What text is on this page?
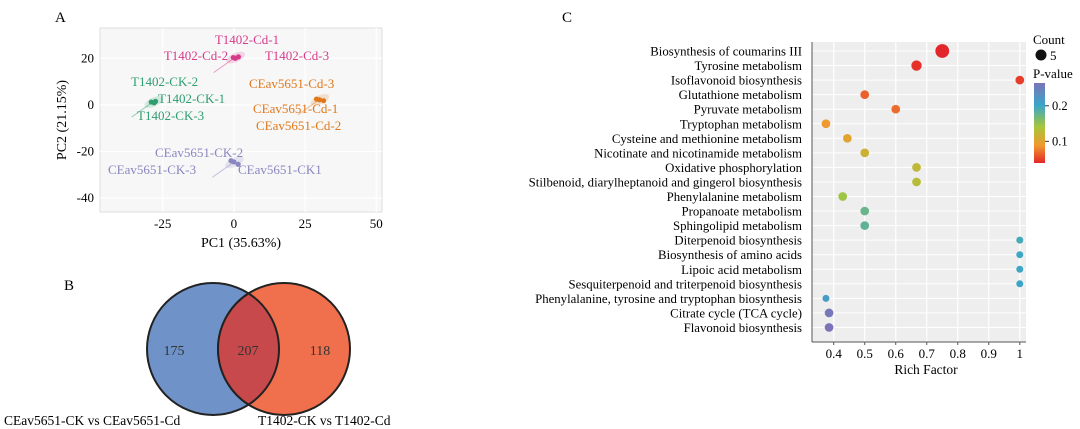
A
-25	0	25	50
20
0
-20
-40
T1402-Cd-1
T1402-Cd-2	T1402-Cd-3
CEav5651-Cd-3
CEav5651-Cd-1
CEav5651-Cd-2
T1402-CK-2
T1402-CK-1
T1402-CK-3
CEav5651-CK-2
CEav5651-CK-3	CEav5651-CK1
PC1 (35.63%)
PC2 (21.15%)
B
175	207	118
CEav5651-CK vs CEav5651-Cd	T1402-CK vs T1402-Cd
C
Biosynthesis of coumarins III
Tyrosine metabolism
Isoflavonoid biosynthesis
Glutathione metabolism
Pyruvate metabolism
Tryptophan metabolism
Cysteine and methionine metabolism
Nicotinate and nicotinamide metabolism
Oxidative phosphorylation
Stilbenoid, diarylheptanoid and gingerol biosynthesis
Phenylalanine metabolism
Propanoate metabolism
Sphingolipid metabolism
Diterpenoid biosynthesis
Biosynthesis of amino acids
Lipoic acid metabolism
Sesquiterpenoid and triterpenoid biosynthesis
Phenylalanine, tyrosine and tryptophan biosynthesis
Citrate cycle (TCA cycle)
Flavonoid biosynthesis
0.4 0.5 0.6 0.7 0.8 0.9 1
Rich Factor
Count
5
P-value
0.2
0.1
